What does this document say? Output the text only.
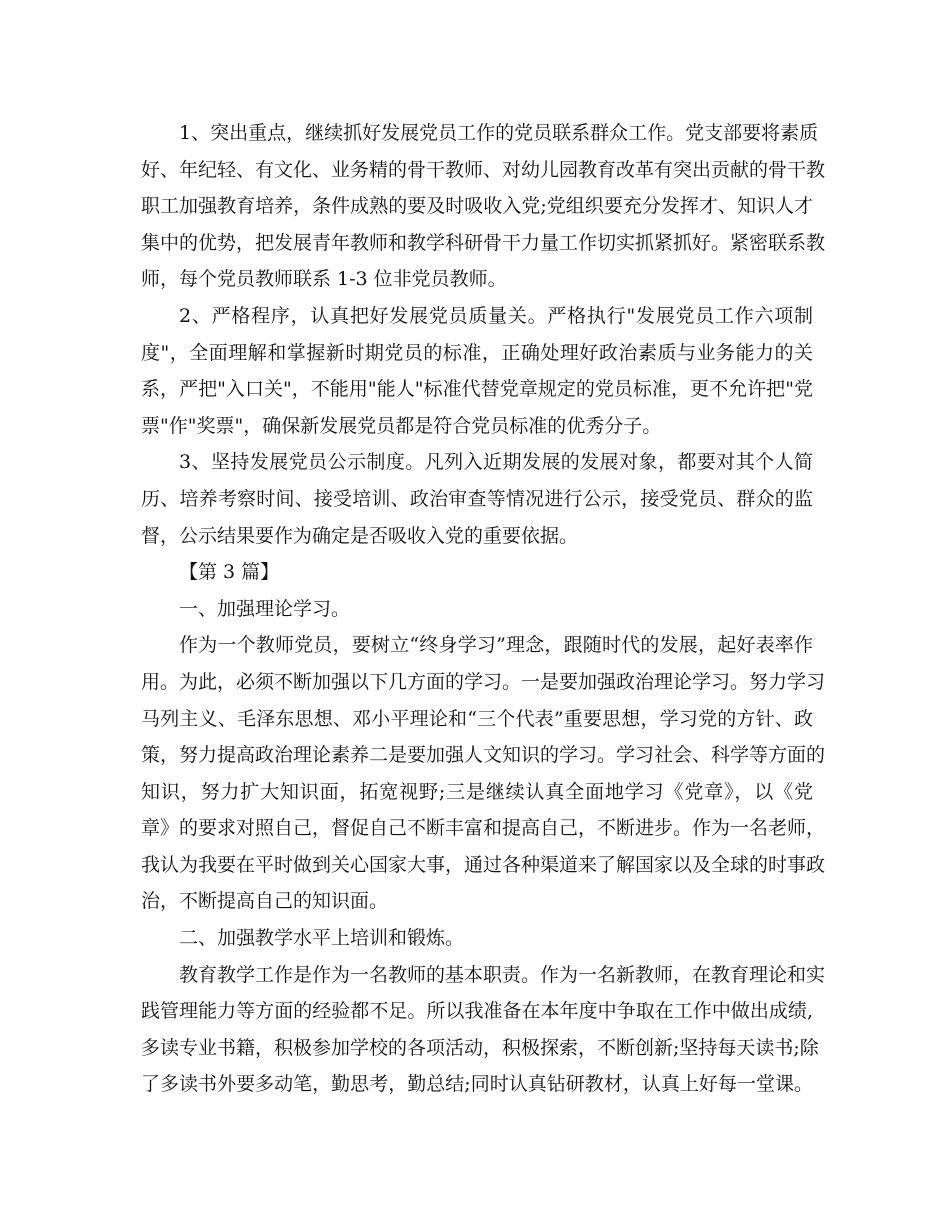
1、突出重点，继续抓好发展党员工作的党员联系群众工作。党支部要将素质
好、年纪轻、有文化、业务精的骨干教师、对幼儿园教育改革有突出贡献的骨干教
职工加强教育培养，条件成熟的要及时吸收入党;党组织要充分发挥才、知识人才
集中的优势，把发展青年教师和教学科研骨干力量工作切实抓紧抓好。紧密联系教
师，每个党员教师联系 1-3 位非党员教师。
2、严格程序，认真把好发展党员质量关。严格执行"发展党员工作六项制
度"，全面理解和掌握新时期党员的标准，正确处理好政治素质与业务能力的关
系，严把"入口关"，不能用"能人"标准代替党章规定的党员标准，更不允许把"党
票"作"奖票"，确保新发展党员都是符合党员标准的优秀分子。
3、坚持发展党员公示制度。凡列入近期发展的发展对象，都要对其个人简
历、培养考察时间、接受培训、政治审查等情况进行公示，接受党员、群众的监
督，公示结果要作为确定是否吸收入党的重要依据。
【第 3 篇】
一、加强理论学习。
作为一个教师党员，要树立“终身学习”理念，跟随时代的发展，起好表率作
用。为此，必须不断加强以下几方面的学习。一是要加强政治理论学习。努力学习
马列主义、毛泽东思想、邓小平理论和“三个代表”重要思想，学习党的方针、政
策，努力提高政治理论素养二是要加强人文知识的学习。学习社会、科学等方面的
知识，努力扩大知识面，拓宽视野;三是继续认真全面地学习《党章》，以《党
章》的要求对照自己，督促自己不断丰富和提高自己，不断进步。作为一名老师，
我认为我要在平时做到关心国家大事，通过各种渠道来了解国家以及全球的时事政
治，不断提高自己的知识面。
二、加强教学水平上培训和锻炼。
教育教学工作是作为一名教师的基本职责。作为一名新教师，在教育理论和实
践管理能力等方面的经验都不足。所以我准备在本年度中争取在工作中做出成绩,
多读专业书籍，积极参加学校的各项活动，积极探索，不断创新;坚持每天读书;除
了多读书外要多动笔，勤思考，勤总结;同时认真钻研教材，认真上好每一堂课。
